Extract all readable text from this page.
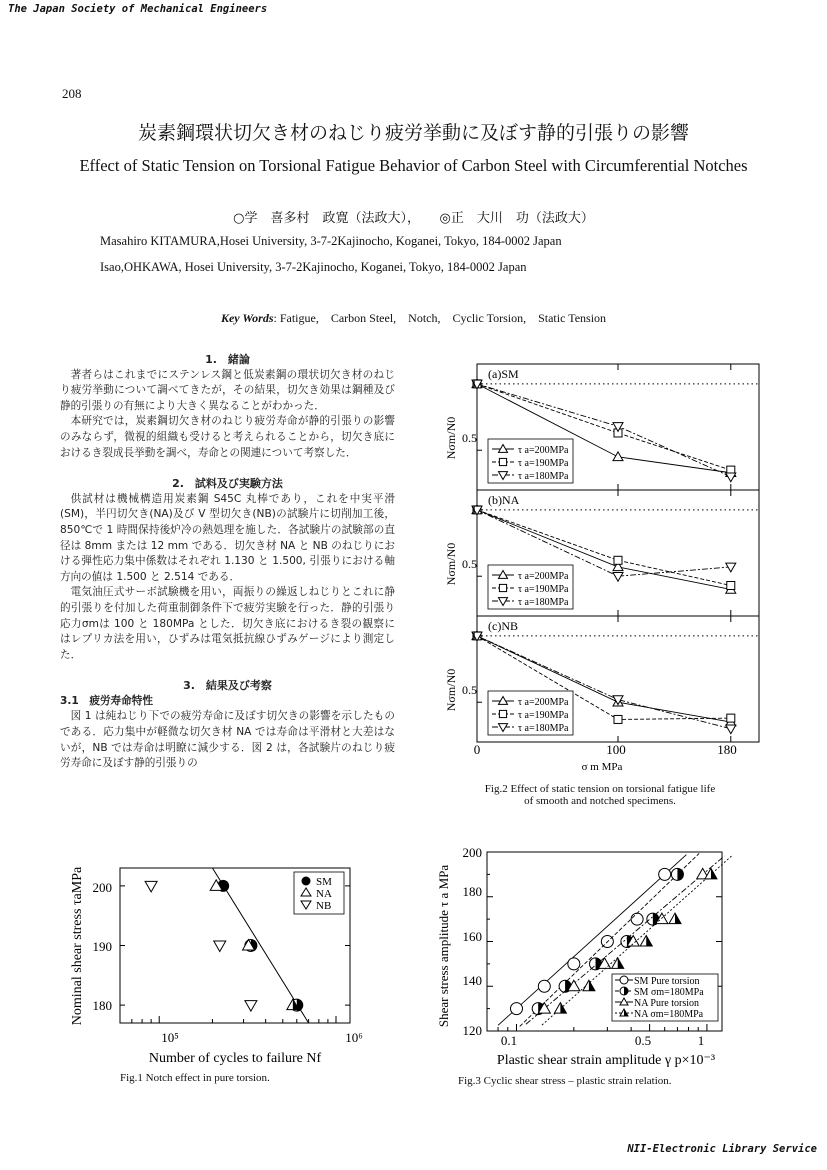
The Japan Society of Mechanical Engineers
NII-Electronic Library Service
208
炭素鋼環状切欠き材のねじり疲労挙動に及ぼす静的引張りの影響
Effect of Static Tension on Torsional Fatigue Behavior of Carbon Steel with Circumferential Notches
○学　喜多村　政寛（法政大），　　◎正　大川　功（法政大）
Masahiro KITAMURA,Hosei University, 3-7-2Kajinocho, Koganei, Tokyo, 184-0002 Japan
Isao,OHKAWA, Hosei University, 3-7-2Kajinocho, Koganei, Tokyo, 184-0002 Japan
Key Words: Fatigue,　Carbon Steel,　Notch,　Cyclic Torsion,　Static Tension
1.　緒論
著者らはこれまでにステンレス鋼と低炭素鋼の環状切欠き材のねじり疲労挙動について調べてきたが，その結果，切欠き効果は鋼種及び静的引張りの有無により大きく異なることがわかった．
本研究では，炭素鋼切欠き材のねじり疲労寿命が静的引張りの影響のみならず，微視的組織も受けると考えられることから，切欠き底におけるき裂成長挙動を調べ，寿命との関連について考察した．
2.　試料及び実験方法
供試材は機械構造用炭素鋼 S45C 丸棒であり，これを中実平滑(SM)，半円切欠き(NA)及び V 型切欠き(NB)の試験片に切削加工後，850℃で 1 時間保持後炉冷の熱処理を施した．各試験片の試験部の直径は 8mm または 12 mm である．切欠き材 NA と NB のねじりにおける弾性応力集中係数はそれぞれ 1.130 と 1.500, 引張りにおける軸方向の値は 1.500 と 2.514 である．
電気油圧式サーボ試験機を用い，両振りの繰返しねじりとこれに静的引張りを付加した荷重制御条件下で疲労実験を行った．静的引張り応力σmは 100 と 180MPa とした．切欠き底におけるき裂の観察にはレプリカ法を用い，ひずみは電気抵抗線ひずみゲージにより測定した．
3.　結果及び考察
3.1　疲労寿命特性
図 1 は純ねじり下での疲労寿命に及ぼす切欠きの影響を示したものである．応力集中が軽微な切欠き材 NA では寿命は平滑材と大差はないが，NB では寿命は明瞭に減少する．図 2 は，各試験片のねじり疲労寿命に及ぼす静的引張りの
200
190
180
10⁵	10⁶
Number of cycles to failure Nf
Nominal shear stress τaMPa	SM
NA
NB
Fig.1 Notch effect in pure torsion.
1
0.5
1
0.5
1
0.5
(a)SM
(b)NA
(c)NB
Nσm/N0
Nσm/N0
Nσm/N0
0	100	180
σ m MPa
τ a=200MPa
τ a=190MPa
τ a=180MPa
τ a=200MPa
τ a=190MPa
τ a=180MPa
τ a=200MPa
τ a=190MPa
τ a=180MPa
Fig.2 Effect of static tension on torsional fatigue life
of smooth and notched specimens.
200
180
160
140
120
0.1	0.5	1
Plastic shear strain amplitude γ p×10⁻³
Shear stress amplitude τ a MPa	SM Pure torsion
SM σm=180MPa
NA Pure torsion
NA σm=180MPa
Fig.3 Cyclic shear stress – plastic strain relation.
